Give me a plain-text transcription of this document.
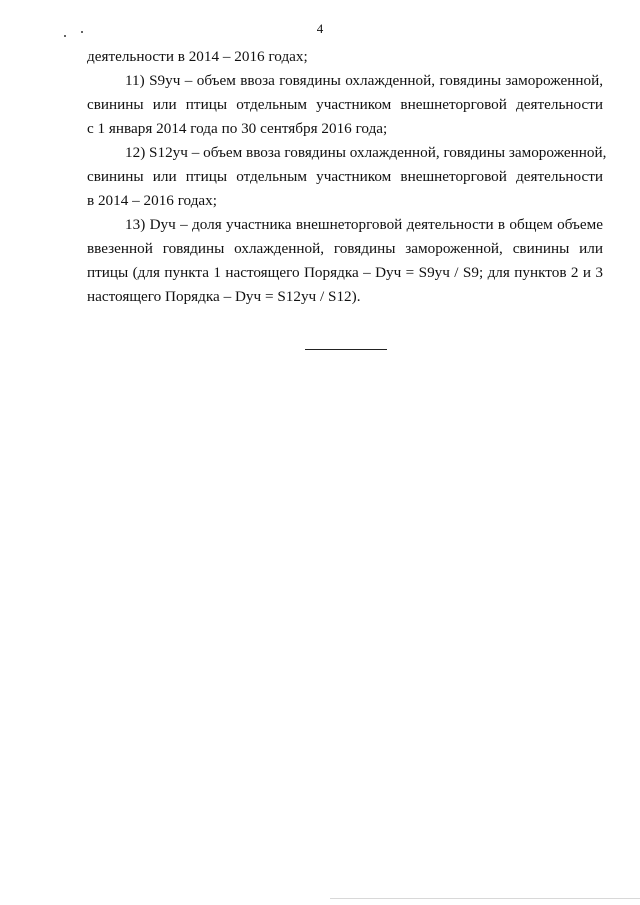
4
деятельности в 2014 – 2016 годах;
11) S9уч – объем ввоза говядины охлажденной, говядины замороженной,
свинины или птицы отдельным участником внешнеторговой деятельности
с 1 января 2014 года по 30 сентября 2016 года;
12) S12уч – объем ввоза говядины охлажденной, говядины замороженной,
свинины или птицы отдельным участником внешнеторговой деятельности
в 2014 – 2016 годах;
13) Dуч – доля участника внешнеторговой деятельности в общем объеме
ввезенной говядины охлажденной, говядины замороженной, свинины или
птицы (для пункта 1 настоящего Порядка – Dуч = S9уч / S9; для пунктов 2 и 3
настоящего Порядка – Dуч = S12уч / S12).
